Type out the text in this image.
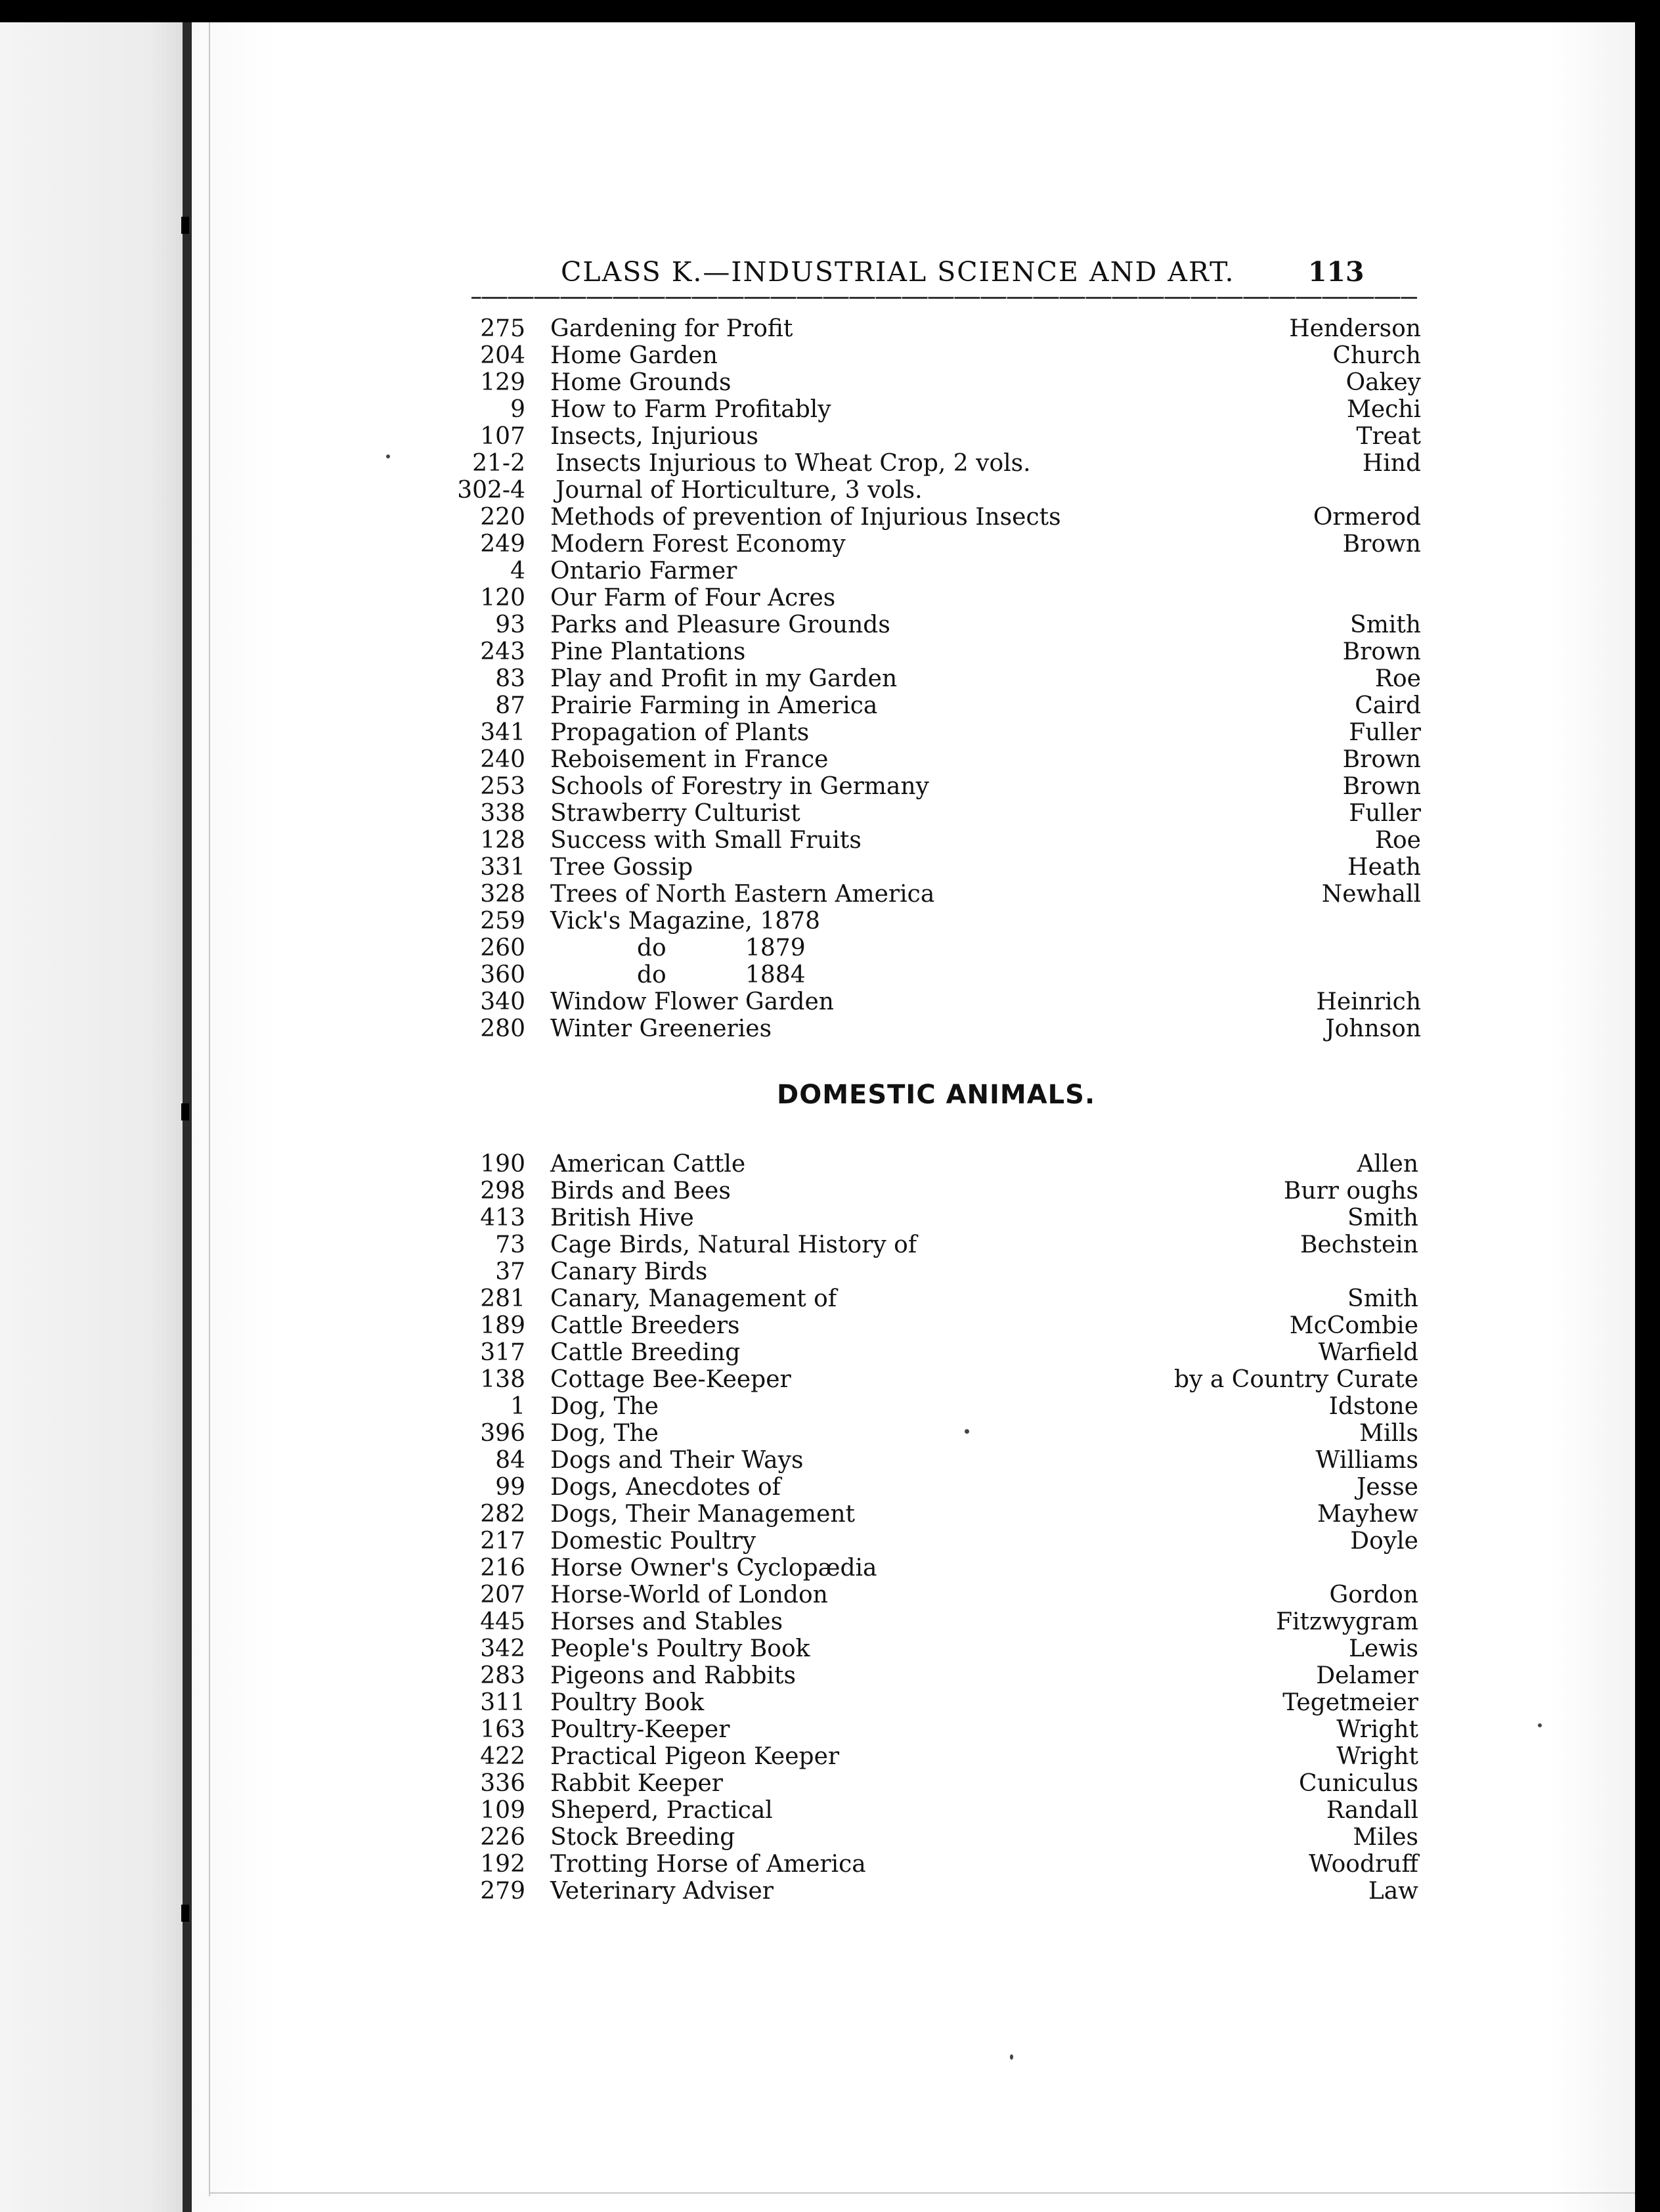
CLASS K.—INDUSTRIAL SCIENCE AND ART.	113
275 Gardening for Profit	Henderson
204 Home Garden	Church
129 Home Grounds	Oakey
9 How to Farm Profitably	Mechi
107 Insects, Injurious	Treat
21-2 Insects Injurious to Wheat Crop, 2 vols.	Hind
302-4 Journal of Horticulture, 3 vols.
220 Methods of prevention of Injurious Insects	Ormerod
249 Modern Forest Economy	Brown
4 Ontario Farmer
120 Our Farm of Four Acres
93 Parks and Pleasure Grounds	Smith
243 Pine Plantations	Brown
83 Play and Profit in my Garden	Roe
87 Prairie Farming in America	Caird
341 Propagation of Plants	Fuller
240 Reboisement in France	Brown
253 Schools of Forestry in Germany	Brown
338 Strawberry Culturist	Fuller
128 Success with Small Fruits	Roe
331 Tree Gossip	Heath
328 Trees of North Eastern America	Newhall
259 Vick's Magazine, 1878
260	do	1879
360	do	1884
340 Window Flower Garden	Heinrich
280 Winter Greeneries	Johnson
DOMESTIC ANIMALS.
190 American Cattle	Allen
298 Birds and Bees	Burr oughs
413 British Hive	Smith
73 Cage Birds, Natural History of	Bechstein
37 Canary Birds
281 Canary, Management of	Smith
189 Cattle Breeders	McCombie
317 Cattle Breeding	Warfield
138 Cottage Bee-Keeper	by a Country Curate
1 Dog, The	Idstone
396 Dog, The	Mills
84 Dogs and Their Ways	Williams
99 Dogs, Anecdotes of	Jesse
282 Dogs, Their Management	Mayhew
217 Domestic Poultry	Doyle
216 Horse Owner's Cyclopædia
207 Horse-World of London	Gordon
445 Horses and Stables	Fitzwygram
342 People's Poultry Book	Lewis
283 Pigeons and Rabbits	Delamer
311 Poultry Book	Tegetmeier
163 Poultry-Keeper	Wright
422 Practical Pigeon Keeper	Wright
336 Rabbit Keeper	Cuniculus
109 Sheperd, Practical	Randall
226 Stock Breeding	Miles
192 Trotting Horse of America	Woodruff
279 Veterinary Adviser	Law
